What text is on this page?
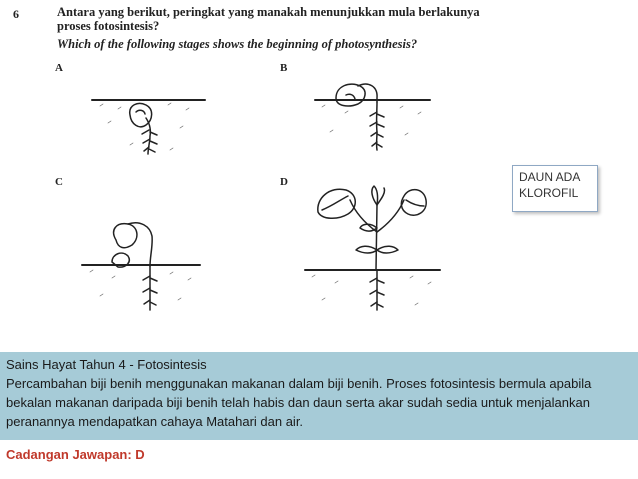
6	Antara yang berikut, peringkat yang manakah menunjukkan mula berlakunya
proses fotosintesis?
Which of the following stages shows the beginning of photosynthesis?
A	B
C	D	DAUN ADA
KLOROFIL
Sains Hayat Tahun 4 - Fotosintesis
Percambahan biji benih menggunakan makanan dalam biji benih. Proses fotosintesis bermula apabila bekalan makanan daripada biji benih telah habis dan daun serta akar sudah sedia untuk menjalankan peranannya mendapatkan cahaya Matahari dan air.
Cadangan Jawapan: D
